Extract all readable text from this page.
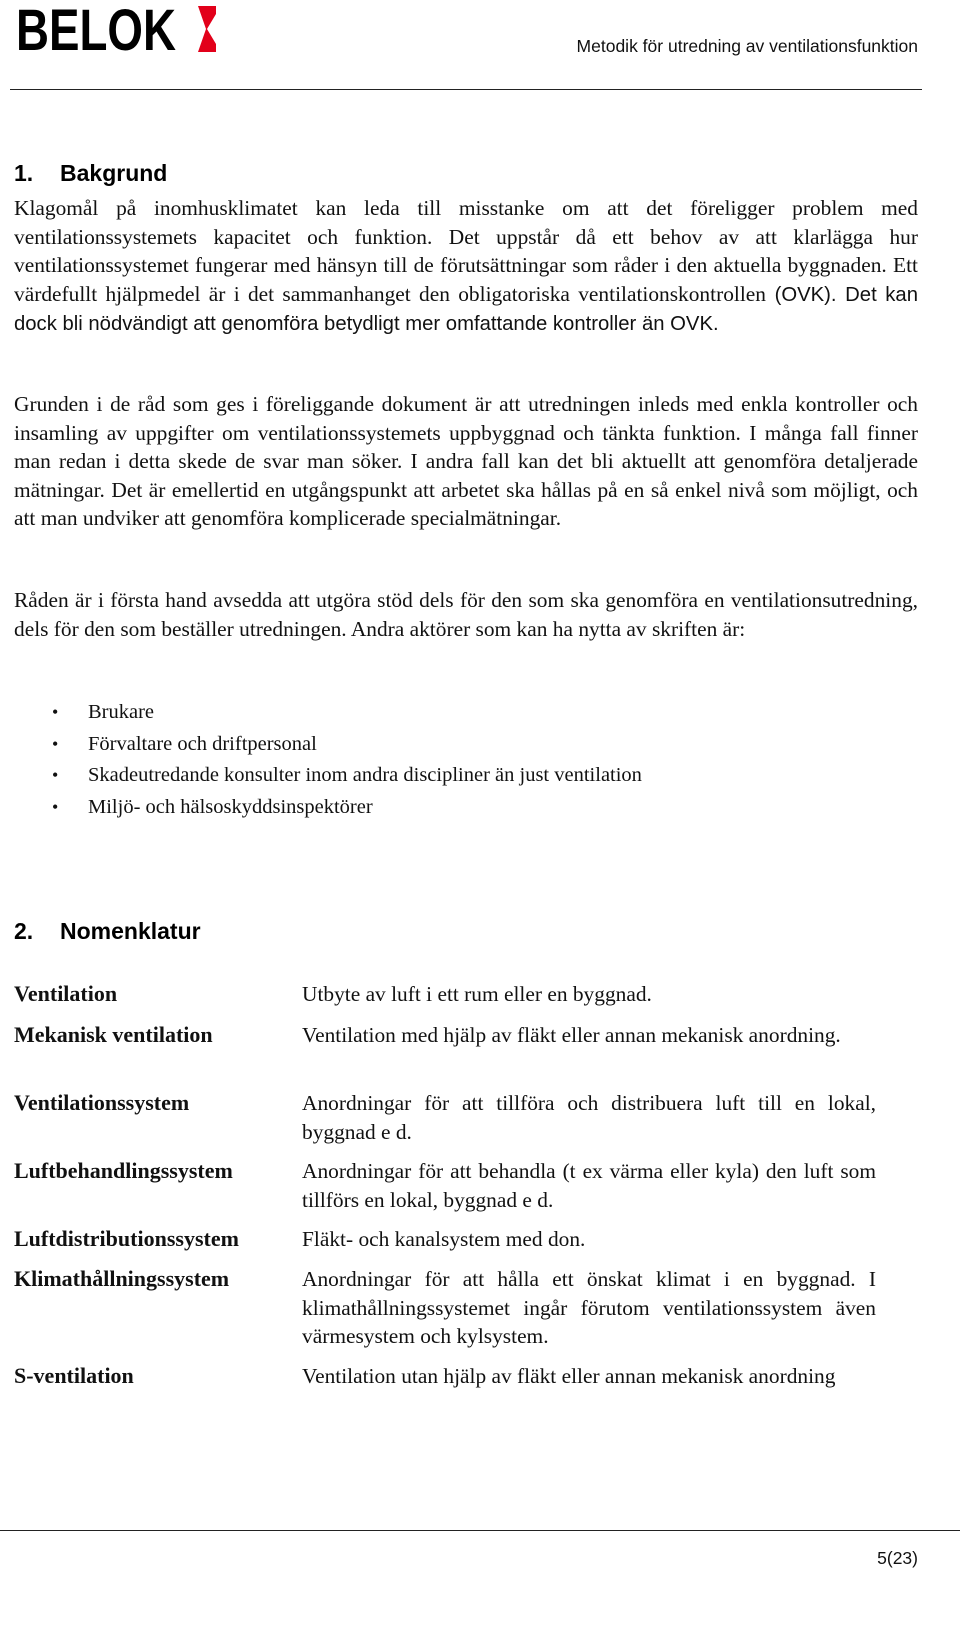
BELOK	Metodik för utredning av ventilationsfunktion
1. Bakgrund

Klagomål på inomhusklimatet kan leda till misstanke om att det föreligger problem med ventilationssystemets kapacitet och funktion. Det uppstår då ett behov av att klarlägga hur ventilationssystemet fungerar med hänsyn till de förutsättningar som råder i den aktuella byggnaden. Ett värdefullt hjälpmedel är i det sammanhanget den obligatoriska ventilationskontrollen (OVK). Det kan dock bli nödvändigt att genomföra betydligt mer omfattande kontroller än OVK.

Grunden i de råd som ges i föreliggande dokument är att utredningen inleds med enkla kontroller och insamling av uppgifter om ventilationssystemets uppbyggnad och tänkta funktion. I många fall finner man redan i detta skede de svar man söker. I andra fall kan det bli aktuellt att genomföra detaljerade mätningar. Det är emellertid en utgångspunkt att arbetet ska hållas på en så enkel nivå som möjligt, och att man undviker att genomföra komplicerade specialmätningar.

Råden är i första hand avsedda att utgöra stöd dels för den som ska genomföra en ventilationsutredning, dels för den som beställer utredningen. Andra aktörer som kan ha nytta av skriften är:

• Brukare
• Förvaltare och driftpersonal
• Skadeutredande konsulter inom andra discipliner än just ventilation
• Miljö- och hälsoskyddsinspektörer
2. Nomenklatur
Ventilation	Utbyte av luft i ett rum eller en byggnad.
Mekanisk ventilation	Ventilation med hjälp av fläkt eller annan mekanisk anordning.
Ventilationssystem	Anordningar för att tillföra och distribuera luft till en lokal, byggnad e d.
Luftbehandlingssystem	Anordningar för att behandla (t ex värma eller kyla) den luft som tillförs en lokal, byggnad e d.
Luftdistributionssystem	Fläkt- och kanalsystem med don.
Klimathållningssystem	Anordningar för att hålla ett önskat klimat i en byggnad. I klimathållningssystemet ingår förutom ventilationssystem även värmesystem och kylsystem.
S-ventilation	Ventilation utan hjälp av fläkt eller annan mekanisk anordning
5(23)
